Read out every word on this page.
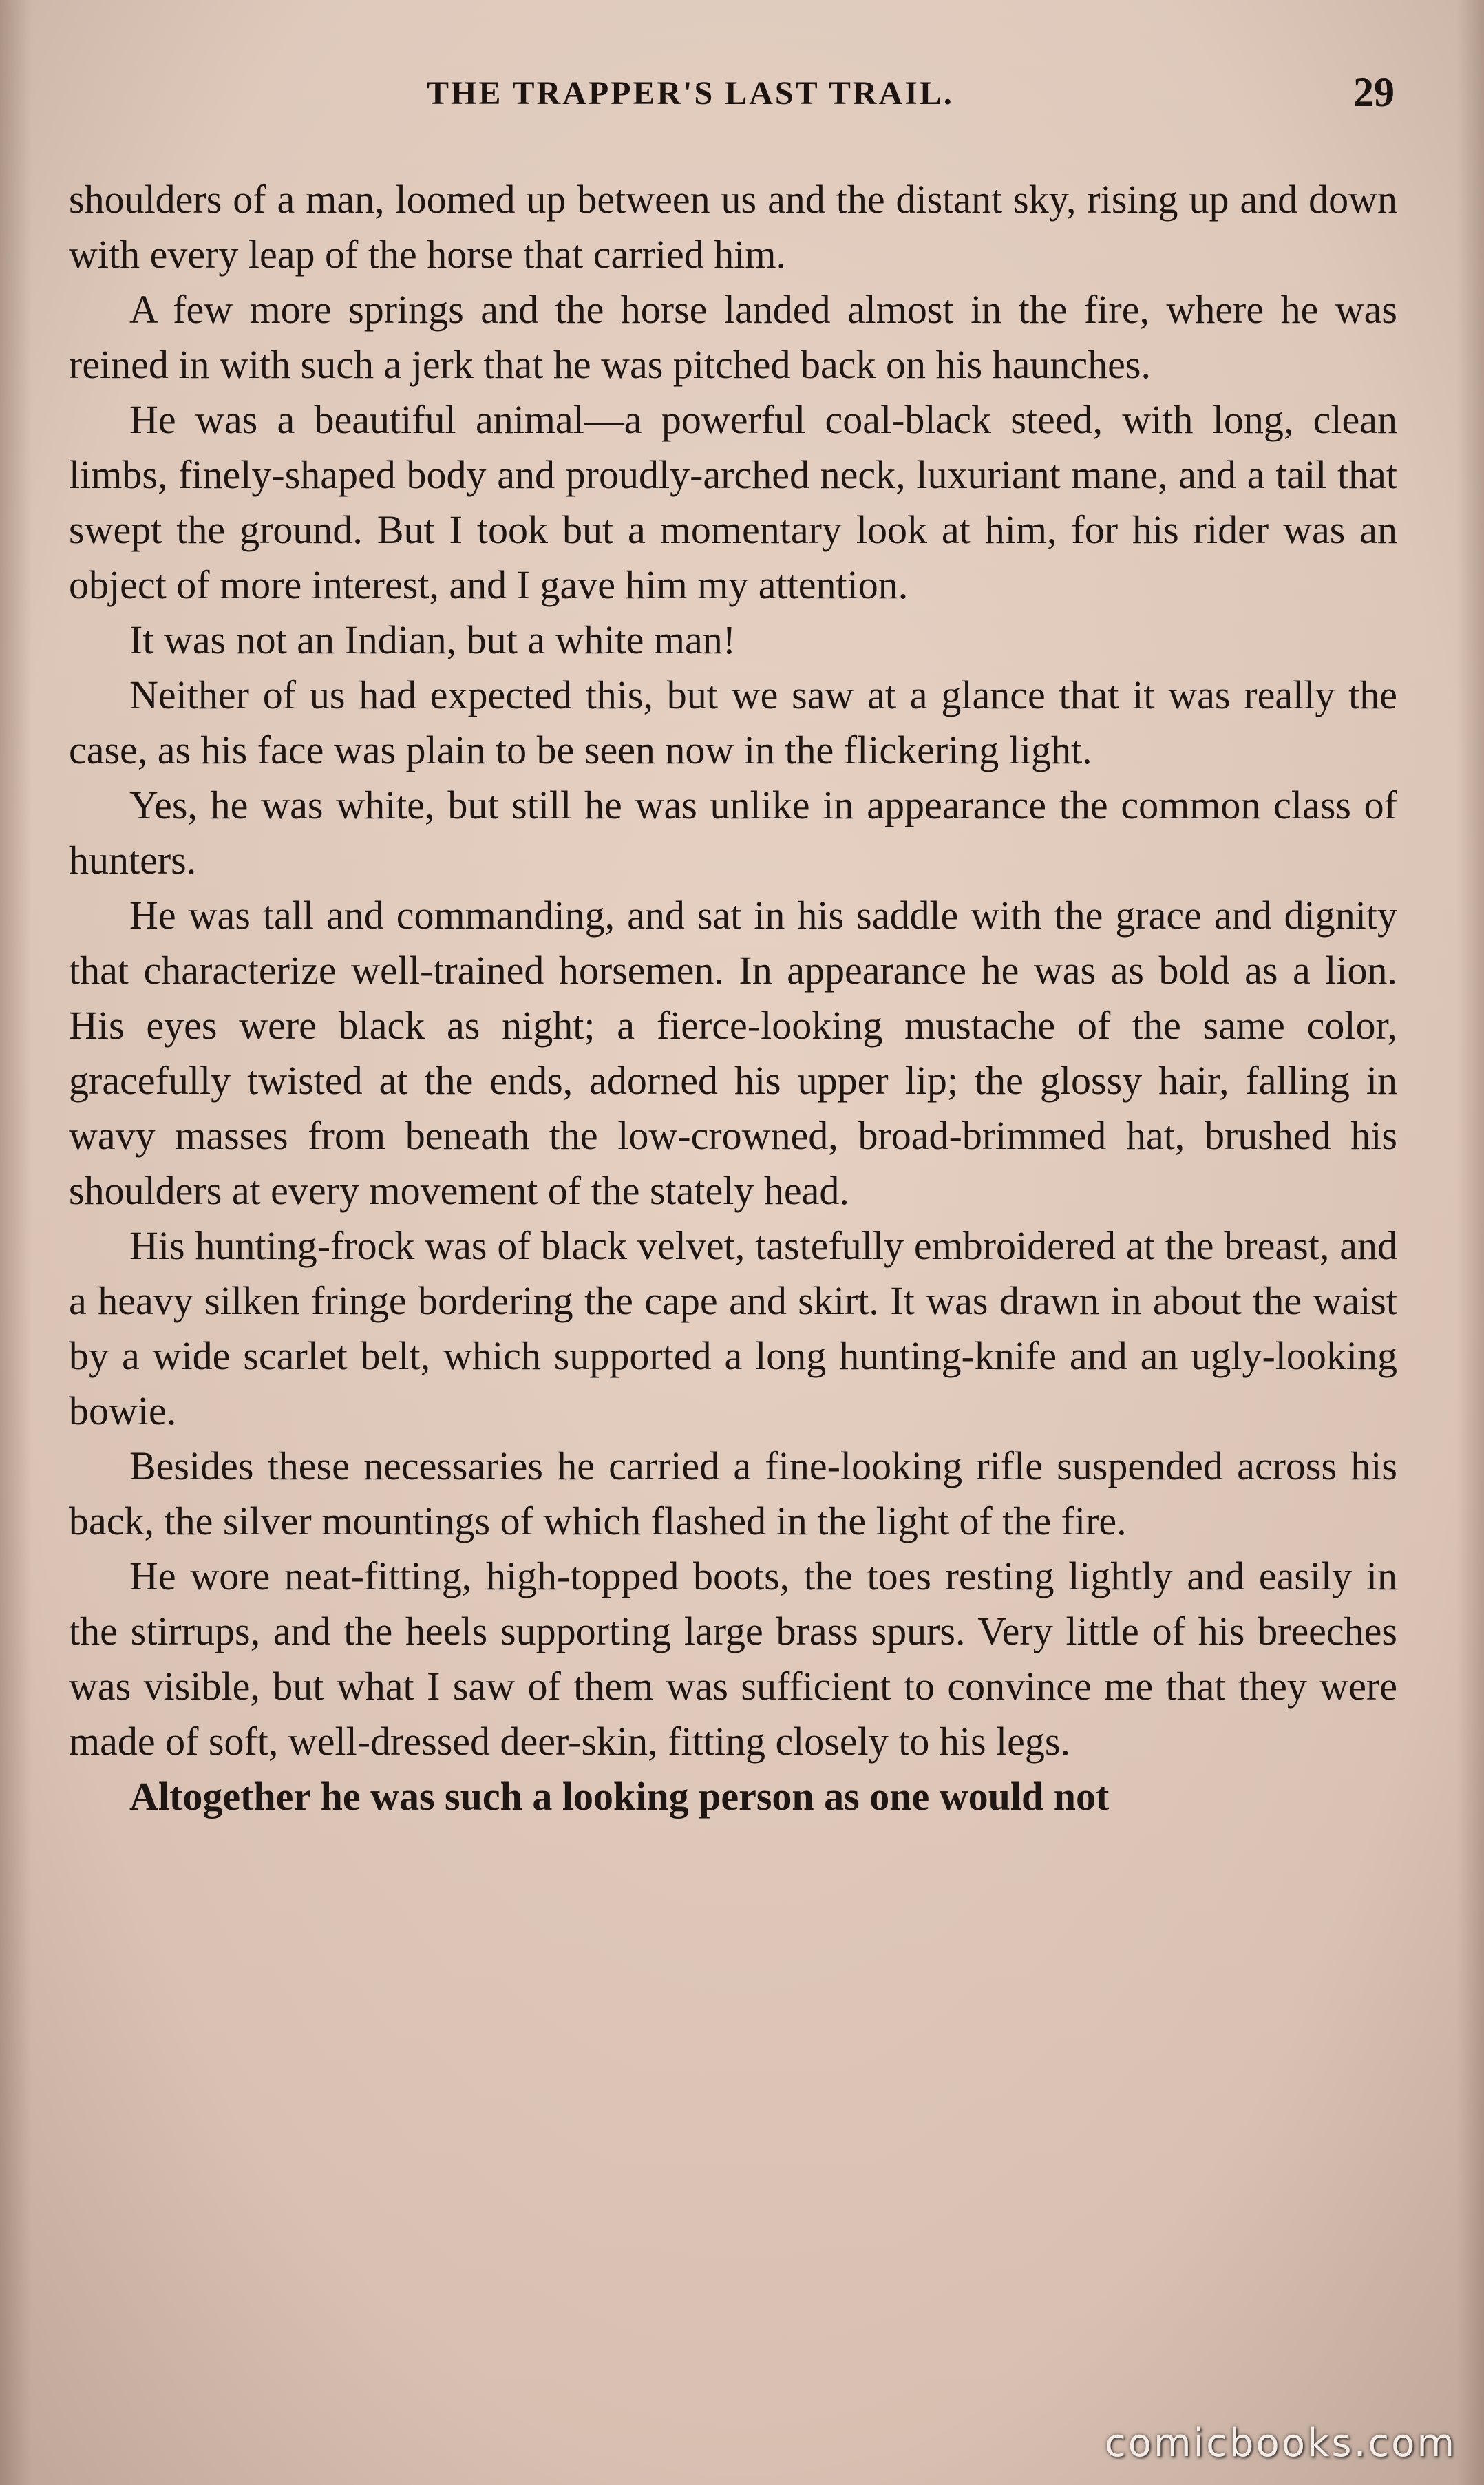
THE TRAPPER'S LAST TRAIL.	29

shoulders of a man, loomed up between us and the distant sky, rising up and down with every leap of the horse that carried him.

A few more springs and the horse landed almost in the fire, where he was reined in with such a jerk that he was pitched back on his haunches.

He was a beautiful animal—a powerful coal-black steed, with long, clean limbs, finely-shaped body and proudly-arched neck, luxuriant mane, and a tail that swept the ground. But I took but a momentary look at him, for his rider was an object of more interest, and I gave him my attention.

It was not an Indian, but a white man!

Neither of us had expected this, but we saw at a glance that it was really the case, as his face was plain to be seen now in the flickering light.

Yes, he was white, but still he was unlike in appearance the common class of hunters.

He was tall and commanding, and sat in his saddle with the grace and dignity that characterize well-trained horsemen. In appearance he was as bold as a lion. His eyes were black as night; a fierce-looking mustache of the same color, gracefully twisted at the ends, adorned his upper lip; the glossy hair, falling in wavy masses from beneath the low-crowned, broad-brimmed hat, brushed his shoulders at every movement of the stately head.

His hunting-frock was of black velvet, tastefully embroidered at the breast, and a heavy silken fringe bordering the cape and skirt. It was drawn in about the waist by a wide scarlet belt, which supported a long hunting-knife and an ugly-looking bowie.

Besides these necessaries he carried a fine-looking rifle suspended across his back, the silver mountings of which flashed in the light of the fire.

He wore neat-fitting, high-topped boots, the toes resting lightly and easily in the stirrups, and the heels supporting large brass spurs. Very little of his breeches was visible, but what I saw of them was sufficient to convince me that they were made of soft, well-dressed deer-skin, fitting closely to his legs.

Altogether he was such a looking person as one would not

comicbooks.com
